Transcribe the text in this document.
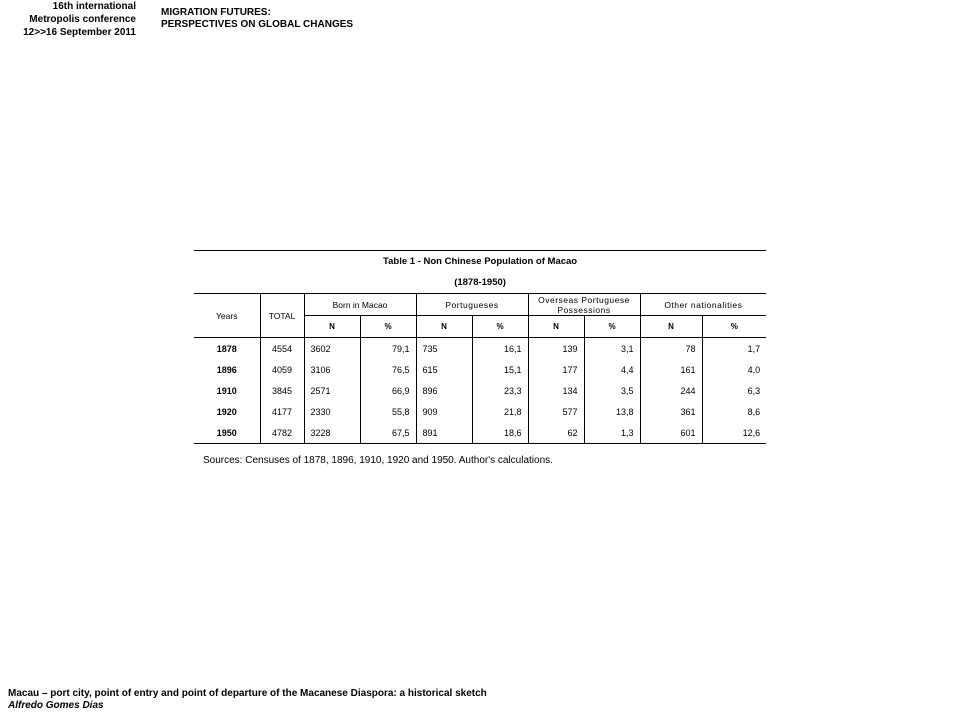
16th international
Metropolis conference
12>>16 September 2011
MIGRATION FUTURES:
PERSPECTIVES ON GLOBAL CHANGES
Table 1 - Non Chinese Population of Macao									
(1878-1950)									
Years	TOTAL	Born in Macao		Portugueses		Overseas Portuguese Possessions		Other nationalities	
		N	%	N	%	N	%	N	%
1878	4554	3602	79,1	735	16,1	139	3,1	78	1,7
1896	4059	3106	76,5	615	15,1	177	4,4	161	4,0
1910	3845	2571	66,9	896	23,3	134	3,5	244	6,3
1920	4177	2330	55,8	909	21,8	577	13,8	361	8,6
1950	4782	3228	67,5	891	18,6	62	1,3	601	12,6
Sources: Censuses of 1878, 1896, 1910, 1920 and 1950. Author's calculations.
Macau – port city, point of entry and point of departure of the Macanese Diaspora: a historical sketch
Alfredo Gomes Dias
